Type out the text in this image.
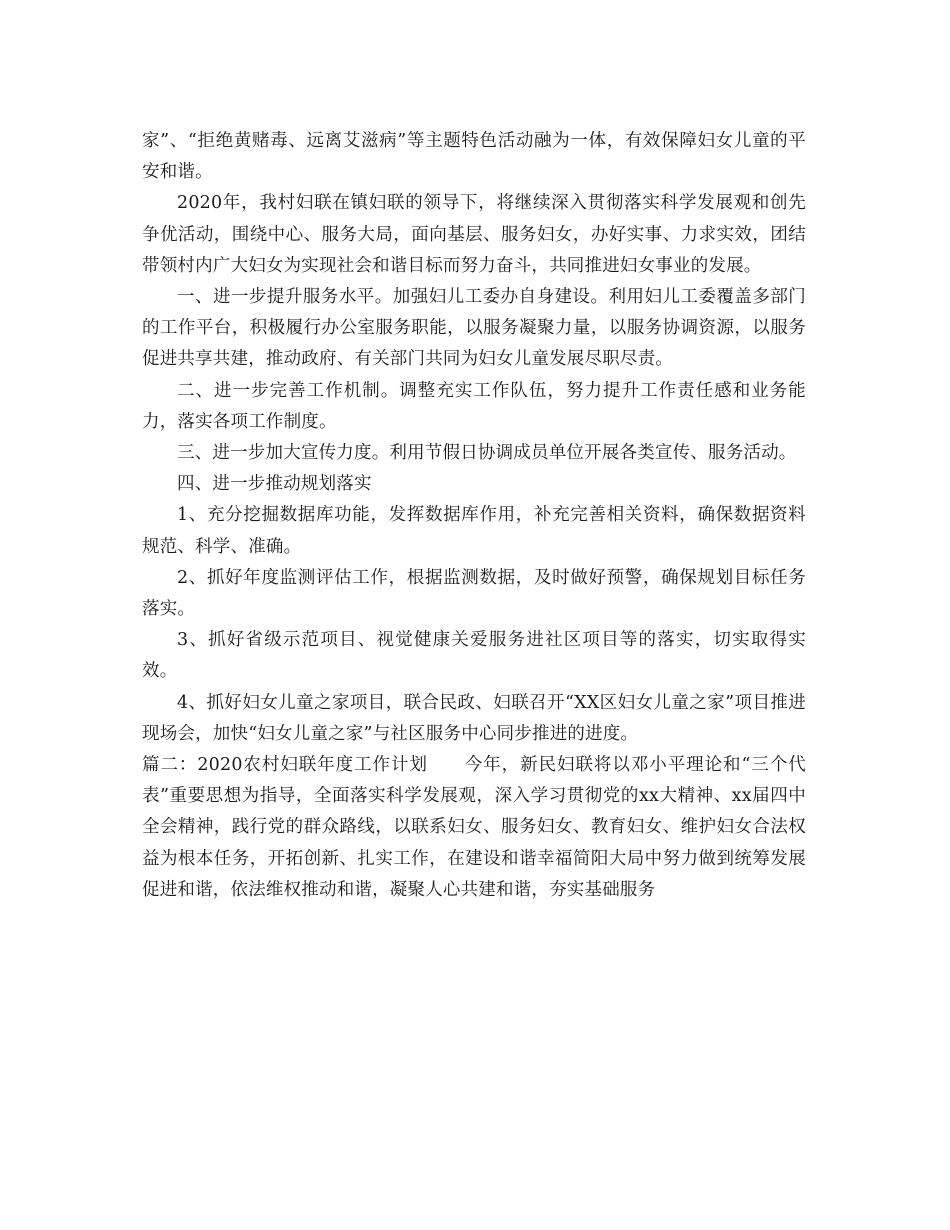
家”、“拒绝黄赌毒、远离艾滋病”等主题特色活动融为一体，有效保障妇女儿童的平安和谐。

2020年，我村妇联在镇妇联的领导下，将继续深入贯彻落实科学发展观和创先争优活动，围绕中心、服务大局，面向基层、服务妇女，办好实事、力求实效，团结带领村内广大妇女为实现社会和谐目标而努力奋斗，共同推进妇女事业的发展。

一、进一步提升服务水平。加强妇儿工委办自身建设。利用妇儿工委覆盖多部门的工作平台，积极履行办公室服务职能，以服务凝聚力量，以服务协调资源，以服务促进共享共建，推动政府、有关部门共同为妇女儿童发展尽职尽责。

二、进一步完善工作机制。调整充实工作队伍，努力提升工作责任感和业务能力，落实各项工作制度。

三、进一步加大宣传力度。利用节假日协调成员单位开展各类宣传、服务活动。

四、进一步推动规划落实

1、充分挖掘数据库功能，发挥数据库作用，补充完善相关资料，确保数据资料规范、科学、准确。

2、抓好年度监测评估工作，根据监测数据，及时做好预警，确保规划目标任务落实。

3、抓好省级示范项目、视觉健康关爱服务进社区项目等的落实，切实取得实效。

4、抓好妇女儿童之家项目，联合民政、妇联召开“XX区妇女儿童之家”项目推进现场会，加快“妇女儿童之家”与社区服务中心同步推进的进度。

篇二：2020农村妇联年度工作计划　　今年，新民妇联将以邓小平理论和“三个代表”重要思想为指导，全面落实科学发展观，深入学习贯彻党的xx大精神、xx届四中全会精神，践行党的群众路线，以联系妇女、服务妇女、教育妇女、维护妇女合法权益为根本任务，开拓创新、扎实工作，在建设和谐幸福简阳大局中努力做到统筹发展促进和谐，依法维权推动和谐，凝聚人心共建和谐，夯实基础服务
